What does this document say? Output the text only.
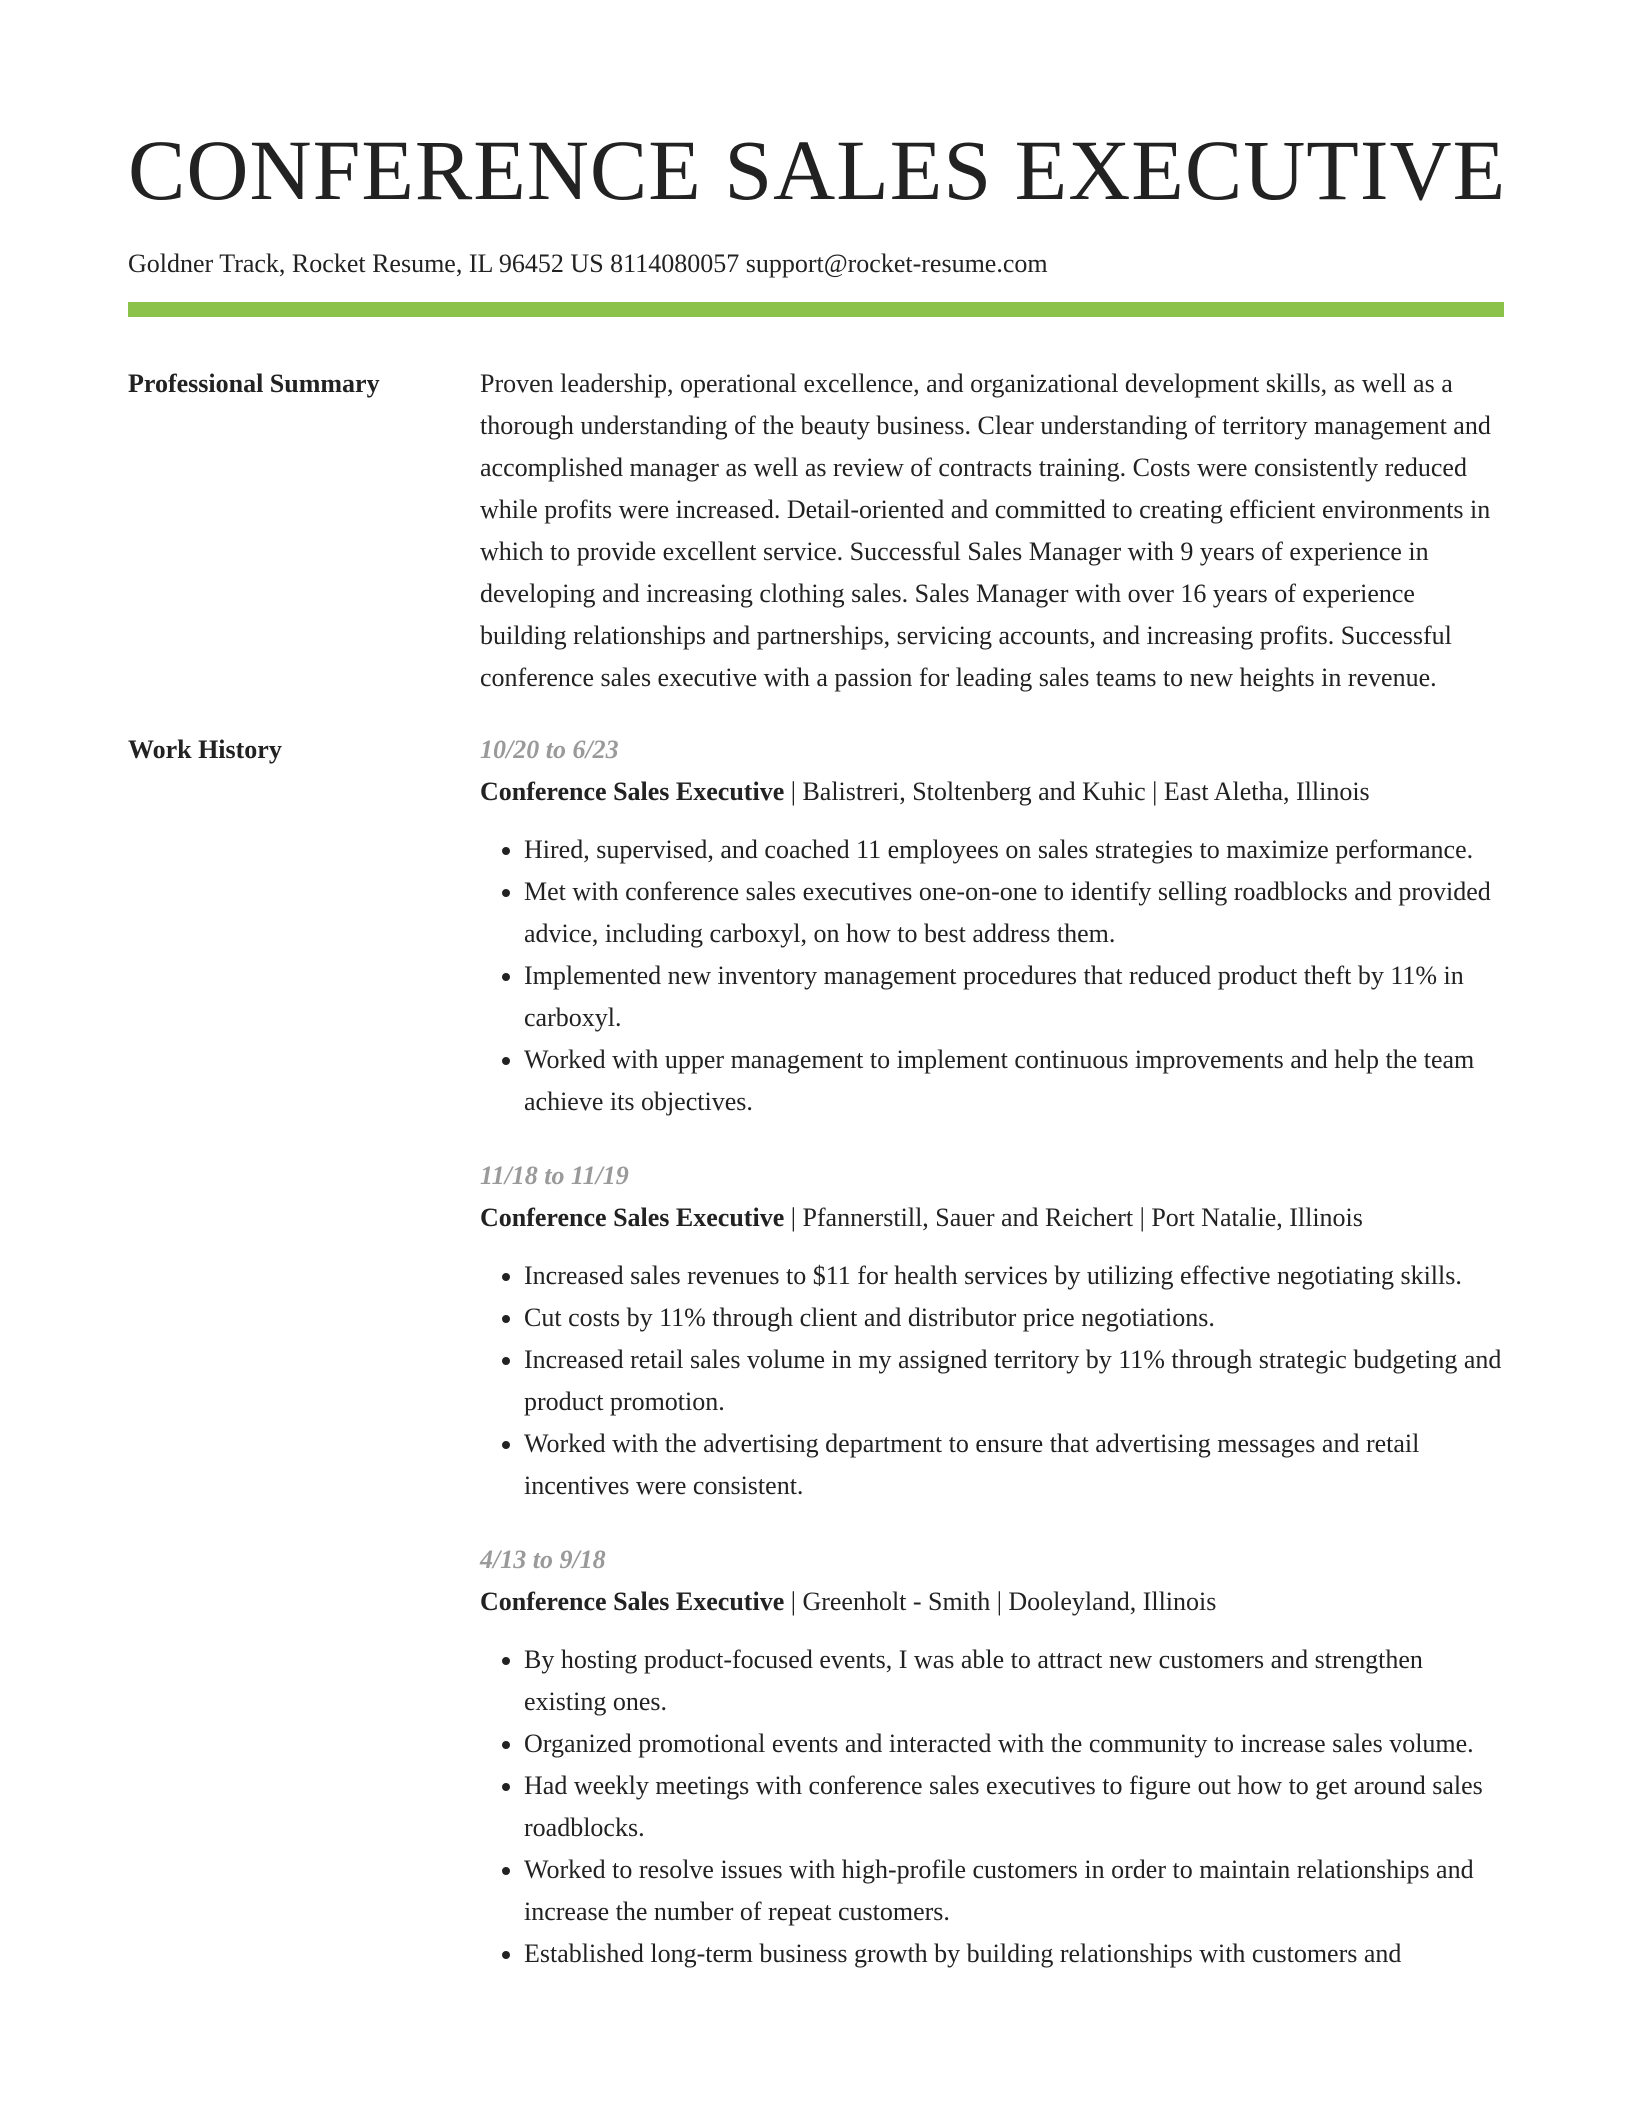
CONFERENCE SALES EXECUTIVE
Goldner Track, Rocket Resume, IL 96452 US 8114080057 support@rocket-resume.com
Professional Summary	Proven leadership, operational excellence, and organizational development skills, as well as a thorough understanding of the beauty business. Clear understanding of territory management and accomplished manager as well as review of contracts training. Costs were consistently reduced while profits were increased. Detail-oriented and committed to creating efficient environments in which to provide excellent service. Successful Sales Manager with 9 years of experience in developing and increasing clothing sales. Sales Manager with over 16 years of experience building relationships and partnerships, servicing accounts, and increasing profits. Successful conference sales executive with a passion for leading sales teams to new heights in revenue.

Work History	10/20 to 6/23
Conference Sales Executive | Balistreri, Stoltenberg and Kuhic | East Aletha, Illinois
• Hired, supervised, and coached 11 employees on sales strategies to maximize performance.
• Met with conference sales executives one-on-one to identify selling roadblocks and provided advice, including carboxyl, on how to best address them.
• Implemented new inventory management procedures that reduced product theft by 11% in carboxyl.
• Worked with upper management to implement continuous improvements and help the team achieve its objectives.
11/18 to 11/19
Conference Sales Executive | Pfannerstill, Sauer and Reichert | Port Natalie, Illinois
• Increased sales revenues to $11 for health services by utilizing effective negotiating skills.
• Cut costs by 11% through client and distributor price negotiations.
• Increased retail sales volume in my assigned territory by 11% through strategic budgeting and product promotion.
• Worked with the advertising department to ensure that advertising messages and retail incentives were consistent.
4/13 to 9/18
Conference Sales Executive | Greenholt - Smith | Dooleyland, Illinois
• By hosting product-focused events, I was able to attract new customers and strengthen existing ones.
• Organized promotional events and interacted with the community to increase sales volume.
• Had weekly meetings with conference sales executives to figure out how to get around sales roadblocks.
• Worked to resolve issues with high-profile customers in order to maintain relationships and increase the number of repeat customers.
• Established long-term business growth by building relationships with customers and
